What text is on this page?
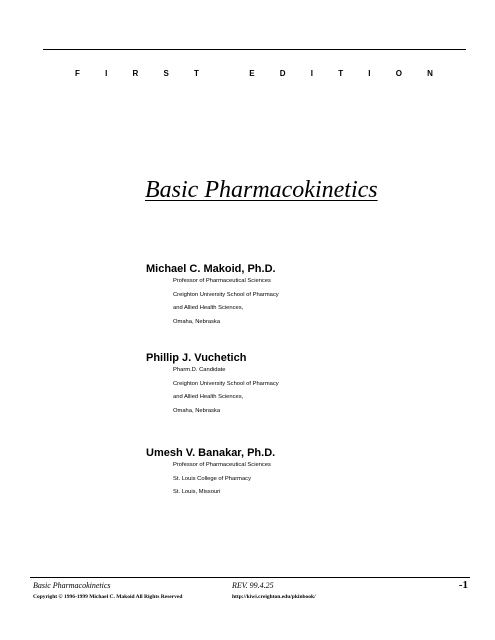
F	I	R	S	T	E	D	I	T	I	O	N
Basic Pharmacokinetics
Michael C. Makoid, Ph.D.
Professor of Pharmaceutical Sciences
Creighton University School of Pharmacy
and Allied Health Sciences,
Omaha, Nebraska
Phillip J. Vuchetich
Pharm.D. Candidate
Creighton University School of Pharmacy
and Allied Health Sciences,
Omaha, Nebraska
Umesh V. Banakar, Ph.D.
Professor of Pharmaceutical Sciences
St. Louis College of Pharmacy
St. Louis, Missouri
Basic Pharmacokinetics	REV. 99.4.25	-1
Copyright © 1996-1999 Michael C. Makoid All Rights Reserved	http://kiwi.creighton.edu/pkinbook/
